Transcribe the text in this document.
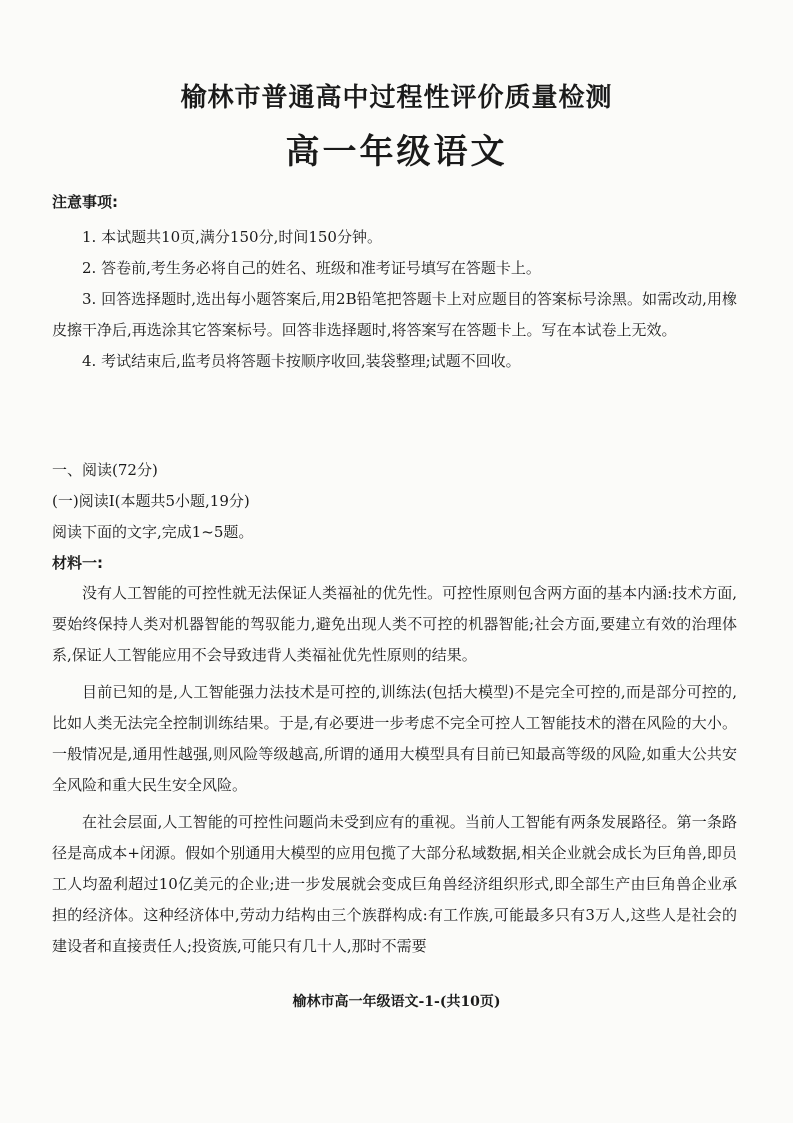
榆林市普通高中过程性评价质量检测
高一年级语文
注意事项:

1. 本试题共10页,满分150分,时间150分钟。

2. 答卷前,考生务必将自己的姓名、班级和准考证号填写在答题卡上。

3. 回答选择题时,选出每小题答案后,用2B铅笔把答题卡上对应题目的答案标号涂黑。如需改动,用橡皮擦干净后,再选涂其它答案标号。回答非选择题时,将答案写在答题卡上。写在本试卷上无效。

4. 考试结束后,监考员将答题卡按顺序收回,装袋整理;试题不回收。

一、阅读(72分)

(一)阅读Ⅰ(本题共5小题,19分)

阅读下面的文字,完成1~5题。

材料一:

没有人工智能的可控性就无法保证人类福祉的优先性。可控性原则包含两方面的基本内涵:技术方面,要始终保持人类对机器智能的驾驭能力,避免出现人类不可控的机器智能;社会方面,要建立有效的治理体系,保证人工智能应用不会导致违背人类福祉优先性原则的结果。

目前已知的是,人工智能强力法技术是可控的,训练法(包括大模型)不是完全可控的,而是部分可控的,比如人类无法完全控制训练结果。于是,有必要进一步考虑不完全可控人工智能技术的潜在风险的大小。一般情况是,通用性越强,则风险等级越高,所谓的通用大模型具有目前已知最高等级的风险,如重大公共安全风险和重大民生安全风险。

在社会层面,人工智能的可控性问题尚未受到应有的重视。当前人工智能有两条发展路径。第一条路径是高成本+闭源。假如个别通用大模型的应用包揽了大部分私域数据,相关企业就会成长为巨角兽,即员工人均盈利超过10亿美元的企业;进一步发展就会变成巨角兽经济组织形式,即全部生产由巨角兽企业承担的经济体。这种经济体中,劳动力结构由三个族群构成:有工作族,可能最多只有3万人,这些人是社会的建设者和直接责任人;投资族,可能只有几十人,那时不需要

榆林市高一年级语文-1-(共10页)
